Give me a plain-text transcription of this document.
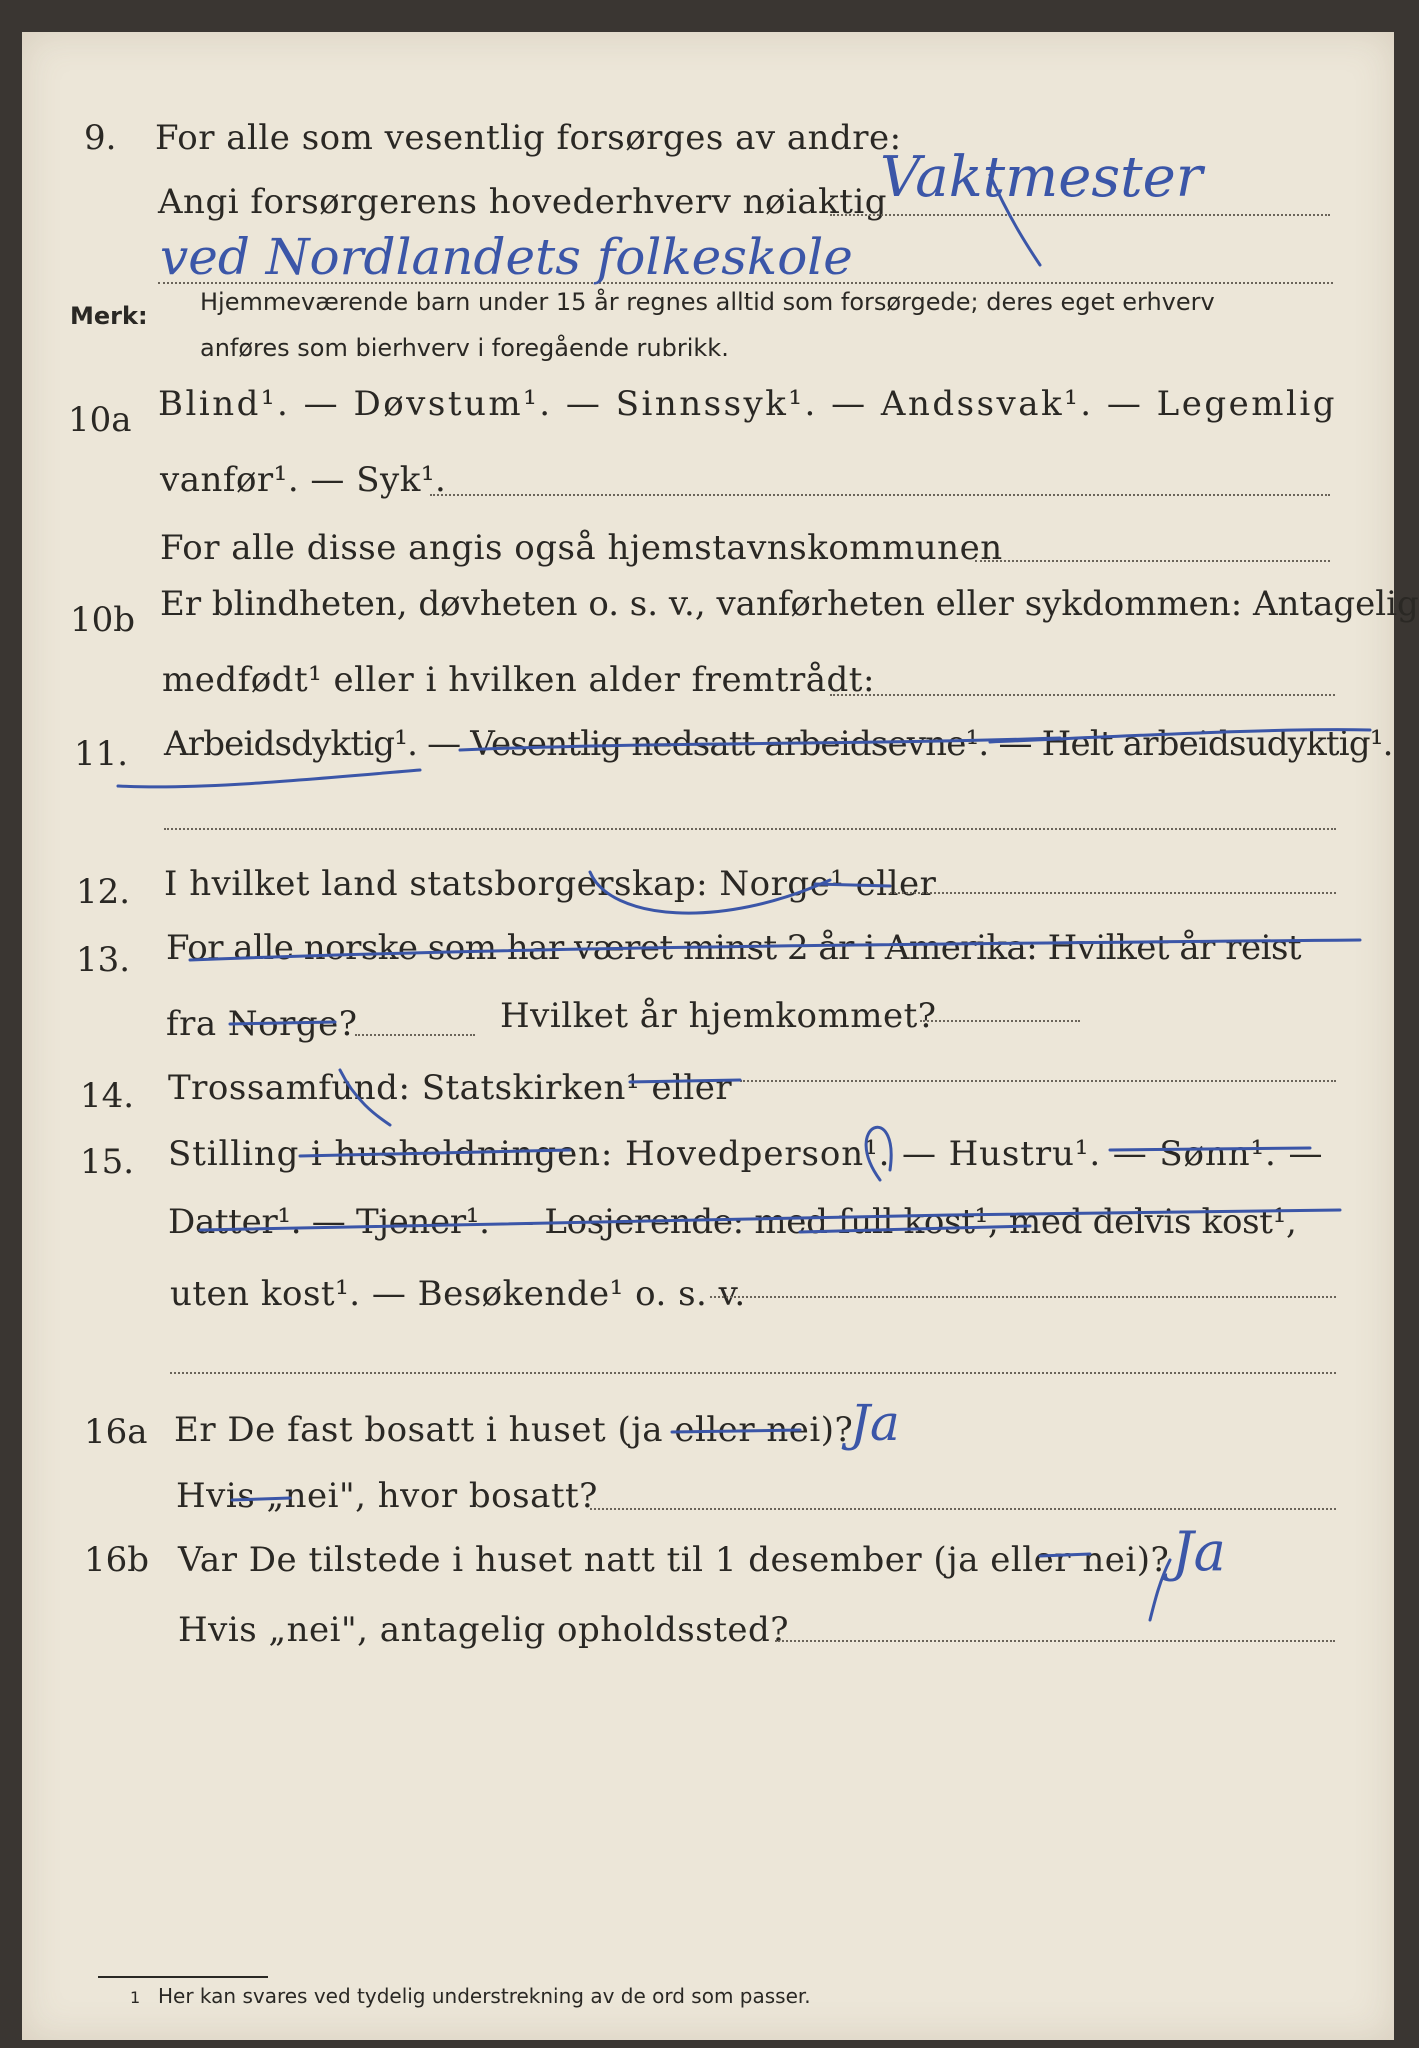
9. For alle som vesentlig forsørges av andre:
Angi forsørgerens hovederhverv nøiaktig
Vaktmester
ved Nordlandets folkeskole
Merk: Hjemmeværende barn under 15 år regnes alltid som forsørgede; deres eget erhverv
anføres som bierhverv i foregående rubrikk.
10a Blind¹. — Døvstum¹. — Sinnssyk¹. — Andssvak¹. — Legemlig
vanfør¹. — Syk¹.
For alle disse angis også hjemstavnskommunen
10b Er blindheten, døvheten o. s. v., vanførheten eller sykdommen: Antagelig
medfødt¹ eller i hvilken alder fremtrådt:
11. Arbeidsdyktig¹. — Vesentlig nedsatt arbeidsevne¹. — Helt arbeidsudyktig¹.
12. I hvilket land statsborgerskap: Norge¹ eller
13. For alle norske som har været minst 2 år i Amerika: Hvilket år reist
fra Norge?	Hvilket år hjemkommet?
14. Trossamfund: Statskirken¹ eller
15. Stilling i husholdningen: Hovedperson¹. — Hustru¹. — Sønn¹. —
Datter¹. — Tjener¹. — Losjerende: med full kost¹, med delvis kost¹,
uten kost¹. — Besøkende¹ o. s. v.
16a Er De fast bosatt i huset (ja eller nei)?
Ja
Hvis „nei", hvor bosatt?
16b Var De tilstede i huset natt til 1 desember (ja eller nei)? Ja
Hvis „nei", antagelig opholdssted?
1 Her kan svares ved tydelig understrekning av de ord som passer.
